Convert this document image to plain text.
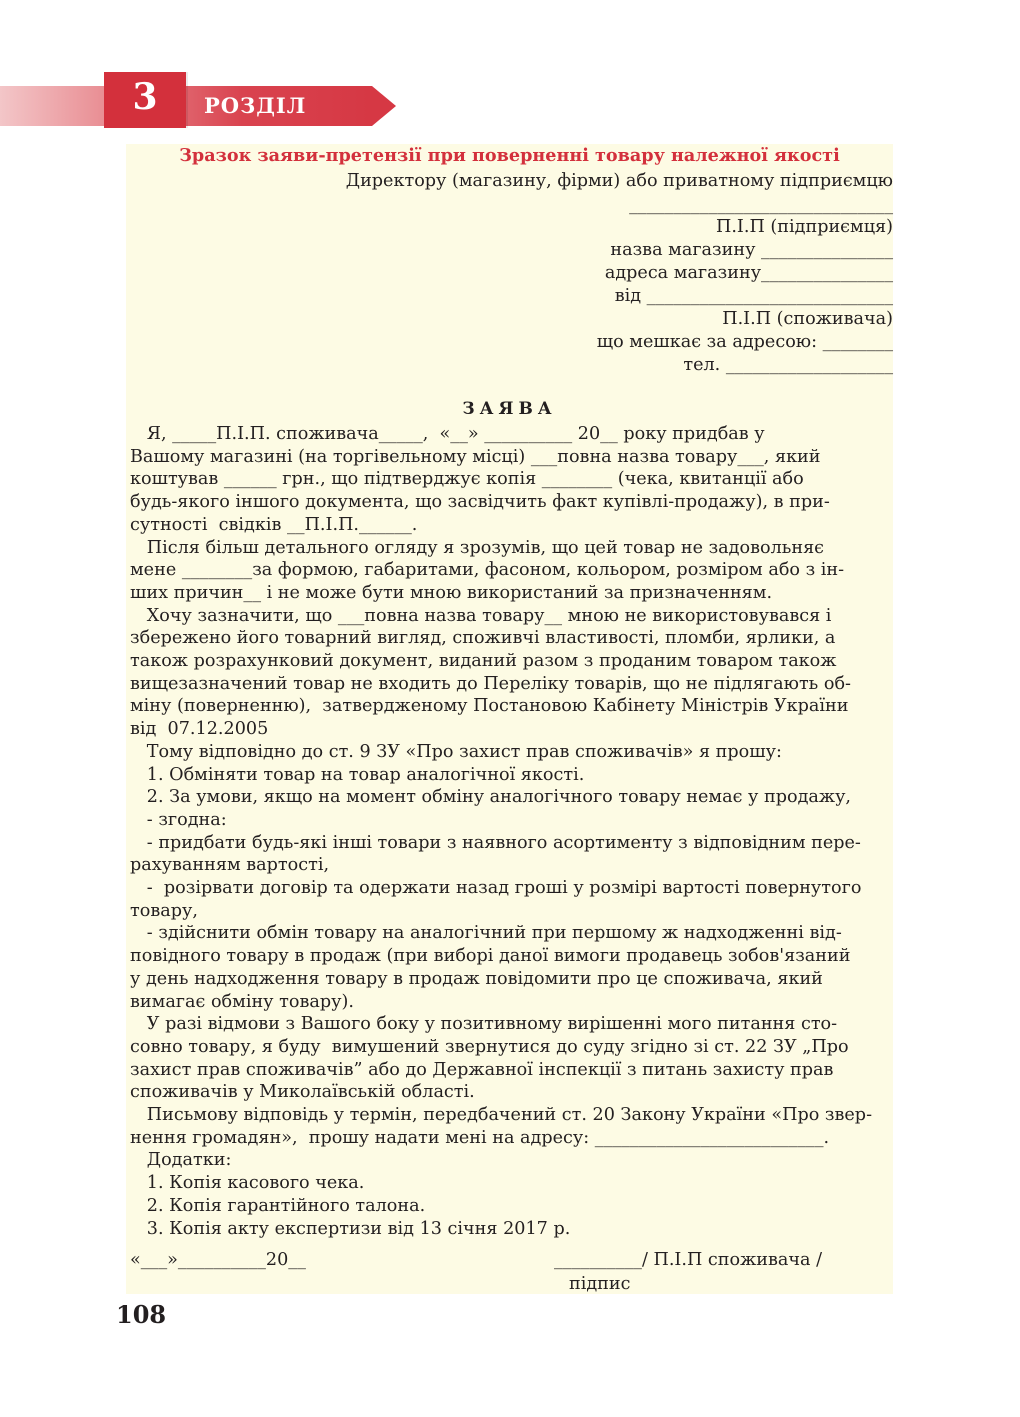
3	РОЗДІЛ
Зразок заяви-претензії при поверненні товару належної якості
Директору (магазину, фірми) або приватному підприємцю
______________________________
П.І.П (підприємця)
назва магазину _______________
адреса магазину_______________
від ____________________________
П.І.П (споживача)
що мешкає за адресою: ________
тел. ___________________
ЗАЯВА
Я, _____П.І.П. споживача_____,  «__» __________ 20__ року придбав у
Вашому магазині (на торгівельному місці) ___повна назва товару___, який
коштував ______ грн., що підтверджує копія ________ (чека, квитанції або
будь-якого іншого документа, що засвідчить факт купівлі-продажу), в при-
сутності  свідків __П.І.П.______.
Після більш детального огляду я зрозумів, що цей товар не задовольняє
мене ________за формою, габаритами, фасоном, кольором, розміром або з ін-
ших причин__ і не може бути мною використаний за призначенням.
Хочу зазначити, що ___повна назва товару__ мною не використовувався і
збережено його товарний вигляд, споживчі властивості, пломби, ярлики, а
також розрахунковий документ, виданий разом з проданим товаром також
вищезазначений товар не входить до Переліку товарів, що не підлягають об-
міну (поверненню),  затвердженому Постановою Кабінету Міністрів України
від  07.12.2005
Тому відповідно до ст. 9 ЗУ «Про захист прав споживачів» я прошу:
1. Обміняти товар на товар аналогічної якості.
2. За умови, якщо на момент обміну аналогічного товару немає у продажу,
- згодна:
- придбати будь-які інші товари з наявного асортименту з відповідним пере-
рахуванням вартості,
-  розірвати договір та одержати назад гроші у розмірі вартості повернутого
товару,
- здійснити обмін товару на аналогічний при першому ж надходженні від-
повідного товару в продаж (при виборі даної вимоги продавець зобов'язаний
у день надходження товару в продаж повідомити про це споживача, який
вимагає обміну товару).
У разі відмови з Вашого боку у позитивному вирішенні мого питання сто-
совно товару, я буду  вимушений звернутися до суду згідно зі ст. 22 ЗУ „Про
захист прав споживачів” або до Державної інспекції з питань захисту прав
споживачів у Миколаївській області.
Письмову відповідь у термін, передбачений ст. 20 Закону України «Про звер-
нення громадян»,  прошу надати мені на адресу: __________________________.
Додатки:
1. Копія касового чека.
2. Копія гарантійного талона.
3. Копія акту експертизи від 13 січня 2017 р.
«___»__________20__	__________/ П.І.П споживача /
підпис
108
